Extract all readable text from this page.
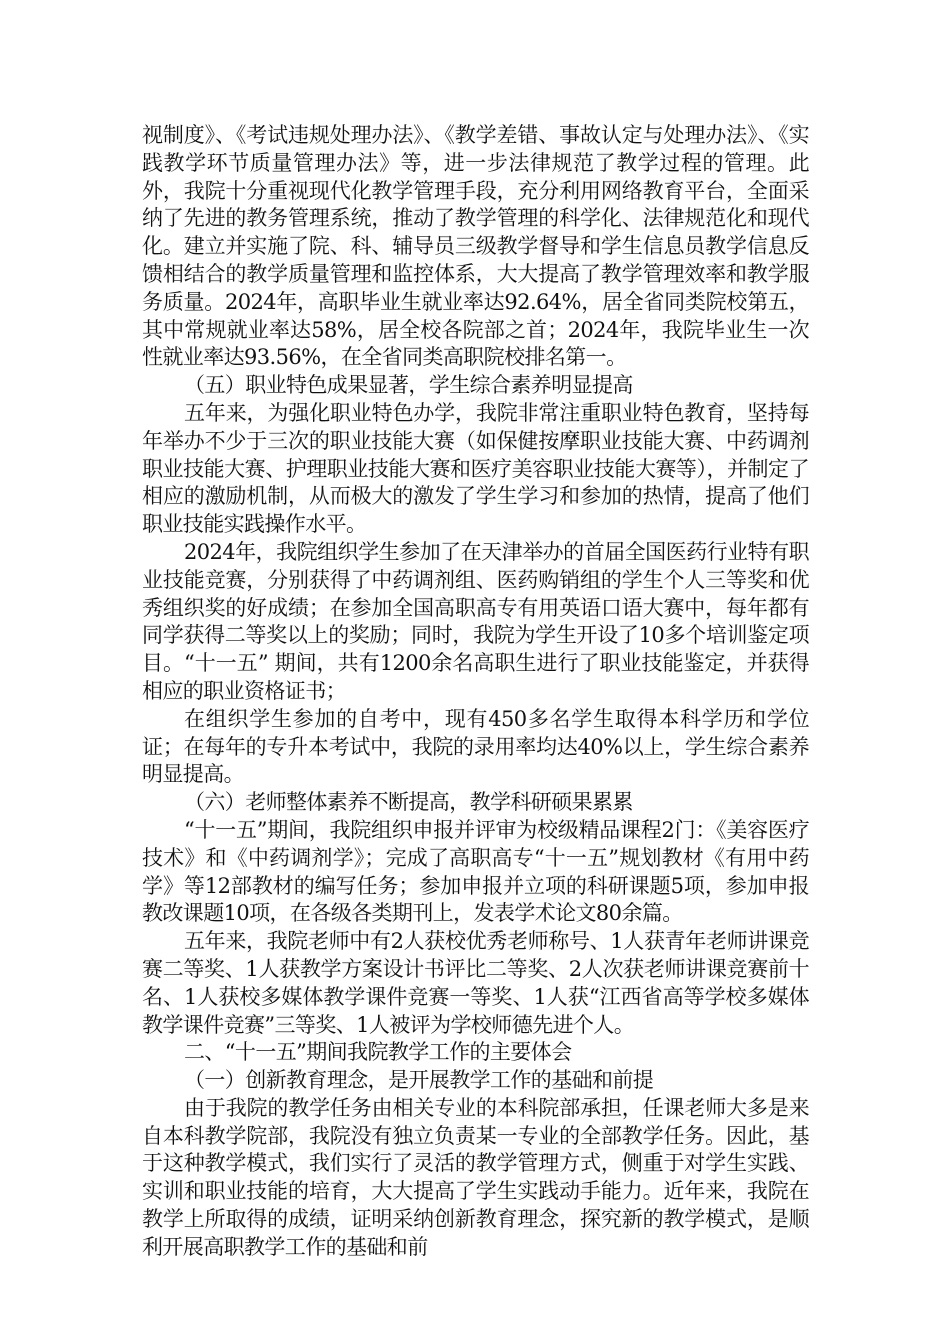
视制度》、《考试违规处理办法》、《教学差错、事故认定与处理办法》、《实践教学环节质量管理办法》等，进一步法律规范了教学过程的管理。此外，我院十分重视现代化教学管理手段，充分利用网络教育平台，全面采纳了先进的教务管理系统，推动了教学管理的科学化、法律规范化和现代化。建立并实施了院、科、辅导员三级教学督导和学生信息员教学信息反馈相结合的教学质量管理和监控体系，大大提高了教学管理效率和教学服务质量。2024年，高职毕业生就业率达92.64%，居全省同类院校第五，其中常规就业率达58%，居全校各院部之首；2024年，我院毕业生一次性就业率达93.56%，在全省同类高职院校排名第一。

（五）职业特色成果显著，学生综合素养明显提高

五年来，为强化职业特色办学，我院非常注重职业特色教育，坚持每年举办不少于三次的职业技能大赛（如保健按摩职业技能大赛、中药调剂职业技能大赛、护理职业技能大赛和医疗美容职业技能大赛等），并制定了相应的激励机制，从而极大的激发了学生学习和参加的热情，提高了他们职业技能实践操作水平。

2024年，我院组织学生参加了在天津举办的首届全国医药行业特有职业技能竞赛，分别获得了中药调剂组、医药购销组的学生个人三等奖和优秀组织奖的好成绩；在参加全国高职高专有用英语口语大赛中，每年都有同学获得二等奖以上的奖励；同时，我院为学生开设了10多个培训鉴定项目。“十一五” 期间，共有1200余名高职生进行了职业技能鉴定，并获得相应的职业资格证书；

在组织学生参加的自考中，现有450多名学生取得本科学历和学位证；在每年的专升本考试中，我院的录用率均达40%以上，学生综合素养明显提高。

（六）老师整体素养不断提高，教学科研硕果累累

“十一五”期间，我院组织申报并评审为校级精品课程2门：《美容医疗技术》和《中药调剂学》；完成了高职高专“十一五”规划教材《有用中药学》等12部教材的编写任务；参加申报并立项的科研课题5项，参加申报教改课题10项，在各级各类期刊上，发表学术论文80余篇。

五年来，我院老师中有2人获校优秀老师称号、1人获青年老师讲课竞赛二等奖、1人获教学方案设计书评比二等奖、2人次获老师讲课竞赛前十名、1人获校多媒体教学课件竞赛一等奖、1人获“江西省高等学校多媒体教学课件竞赛”三等奖、1人被评为学校师德先进个人。

二、“十一五”期间我院教学工作的主要体会

（一）创新教育理念，是开展教学工作的基础和前提

由于我院的教学任务由相关专业的本科院部承担，任课老师大多是来自本科教学院部，我院没有独立负责某一专业的全部教学任务。因此，基于这种教学模式，我们实行了灵活的教学管理方式，侧重于对学生实践、实训和职业技能的培育，大大提高了学生实践动手能力。近年来，我院在教学上所取得的成绩，证明采纳创新教育理念，探究新的教学模式，是顺利开展高职教学工作的基础和前
